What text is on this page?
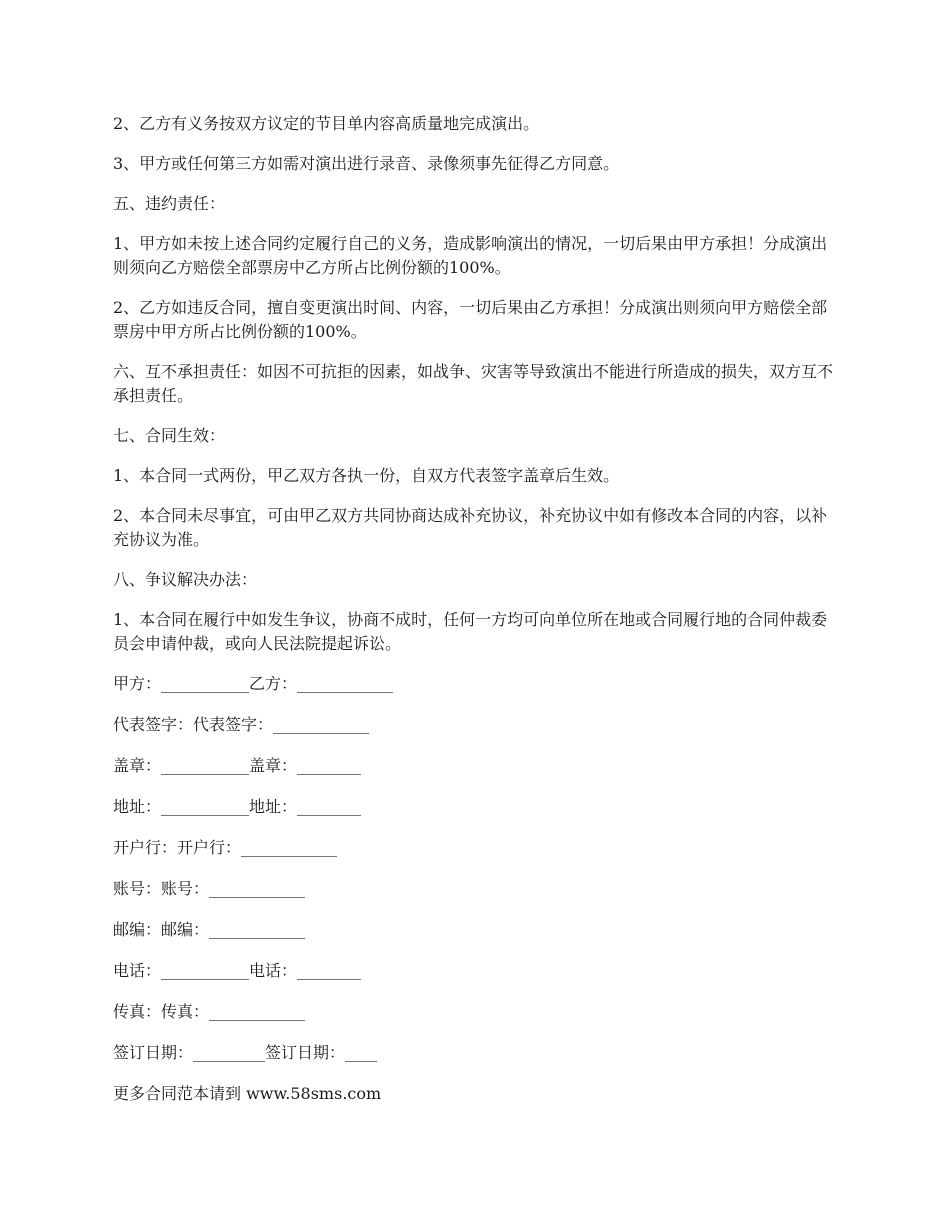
2、乙方有义务按双方议定的节目单内容高质量地完成演出。

3、甲方或任何第三方如需对演出进行录音、录像须事先征得乙方同意。

五、违约责任：

1、甲方如未按上述合同约定履行自己的义务，造成影响演出的情况，一切后果由甲方承担！分成演出则须向乙方赔偿全部票房中乙方所占比例份额的100%。

2、乙方如违反合同，擅自变更演出时间、内容，一切后果由乙方承担！分成演出则须向甲方赔偿全部票房中甲方所占比例份额的100%。

六、互不承担责任：如因不可抗拒的因素，如战争、灾害等导致演出不能进行所造成的损失，双方互不承担责任。

七、合同生效：

1、本合同一式两份，甲乙双方各执一份，自双方代表签字盖章后生效。

2、本合同未尽事宜，可由甲乙双方共同协商达成补充协议，补充协议中如有修改本合同的内容，以补充协议为准。

八、争议解决办法：

1、本合同在履行中如发生争议，协商不成时，任何一方均可向单位所在地或合同履行地的合同仲裁委员会申请仲裁，或向人民法院提起诉讼。

甲方：___________乙方：____________

代表签字：代表签字：____________

盖章：___________盖章：________

地址：___________地址：________

开户行：开户行：____________

账号：账号：____________

邮编：邮编：____________

电话：___________电话：________

传真：传真：____________

签订日期：_________签订日期：____

更多合同范本请到 www.58sms.com
